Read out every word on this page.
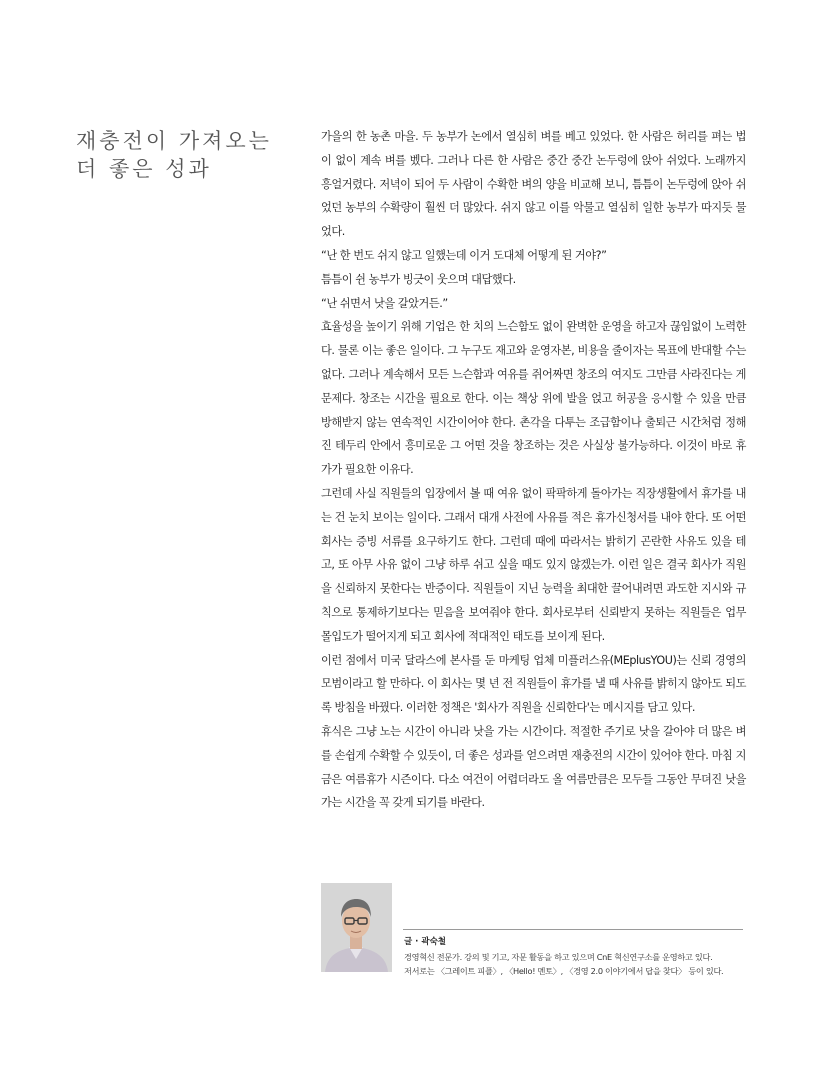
재충전이 가져오는
더 좋은 성과

가을의 한 농촌 마을. 두 농부가 논에서 열심히 벼를 베고 있었다. 한 사람은 허리를 펴는 법이 없이 계속 벼를 벴다. 그러나 다른 한 사람은 중간 중간 논두렁에 앉아 쉬었다. 노래까지 흥얼거렸다. 저녁이 되어 두 사람이 수확한 벼의 양을 비교해 보니, 틈틈이 논두렁에 앉아 쉬었던 농부의 수확량이 훨씬 더 많았다. 쉬지 않고 이를 악물고 열심히 일한 농부가 따지듯 물었다.

“난 한 번도 쉬지 않고 일했는데 이거 도대체 어떻게 된 거야?”

틈틈이 쉰 농부가 빙긋이 웃으며 대답했다.

“난 쉬면서 낫을 갈았거든.”

효율성을 높이기 위해 기업은 한 치의 느슨함도 없이 완벽한 운영을 하고자 끊임없이 노력한다. 물론 이는 좋은 일이다. 그 누구도 재고와 운영자본, 비용을 줄이자는 목표에 반대할 수는 없다. 그러나 계속해서 모든 느슨함과 여유를 쥐어짜면 창조의 여지도 그만큼 사라진다는 게 문제다. 창조는 시간을 필요로 한다. 이는 책상 위에 발을 얹고 허공을 응시할 수 있을 만큼 방해받지 않는 연속적인 시간이어야 한다. 촌각을 다투는 조급함이나 출퇴근 시간처럼 정해진 테두리 안에서 흥미로운 그 어떤 것을 창조하는 것은 사실상 불가능하다. 이것이 바로 휴가가 필요한 이유다.

그런데 사실 직원들의 입장에서 볼 때 여유 없이 팍팍하게 돌아가는 직장생활에서 휴가를 내는 건 눈치 보이는 일이다. 그래서 대개 사전에 사유를 적은 휴가신청서를 내야 한다. 또 어떤 회사는 증빙 서류를 요구하기도 한다. 그런데 때에 따라서는 밝히기 곤란한 사유도 있을 테고, 또 아무 사유 없이 그냥 하루 쉬고 싶을 때도 있지 않겠는가. 이런 일은 결국 회사가 직원을 신뢰하지 못한다는 반증이다. 직원들이 지닌 능력을 최대한 끌어내려면 과도한 지시와 규칙으로 통제하기보다는 믿음을 보여줘야 한다. 회사로부터 신뢰받지 못하는 직원들은 업무 몰입도가 떨어지게 되고 회사에 적대적인 태도를 보이게 된다.

이런 점에서 미국 달라스에 본사를 둔 마케팅 업체 미플러스유(MEplusYOU)는 신뢰 경영의 모범이라고 할 만하다. 이 회사는 몇 년 전 직원들이 휴가를 낼 때 사유를 밝히지 않아도 되도록 방침을 바꿨다. 이러한 정책은 '회사가 직원을 신뢰한다'는 메시지를 담고 있다.

휴식은 그냥 노는 시간이 아니라 낫을 가는 시간이다. 적절한 주기로 낫을 갈아야 더 많은 벼를 손쉽게 수확할 수 있듯이, 더 좋은 성과를 얻으려면 재충전의 시간이 있어야 한다. 마침 지금은 여름휴가 시즌이다. 다소 여건이 어렵더라도 올 여름만큼은 모두들 그동안 무뎌진 낫을 가는 시간을 꼭 갖게 되기를 바란다.

글 · 곽숙철
경영혁신 전문가. 강의 및 기고, 자문 활동을 하고 있으며 CnE 혁신연구소를 운영하고 있다.
저서로는 〈그레이트 피플〉, 〈Hello! 멘토〉, 〈경영 2.0 이야기에서 답을 찾다〉 등이 있다.
